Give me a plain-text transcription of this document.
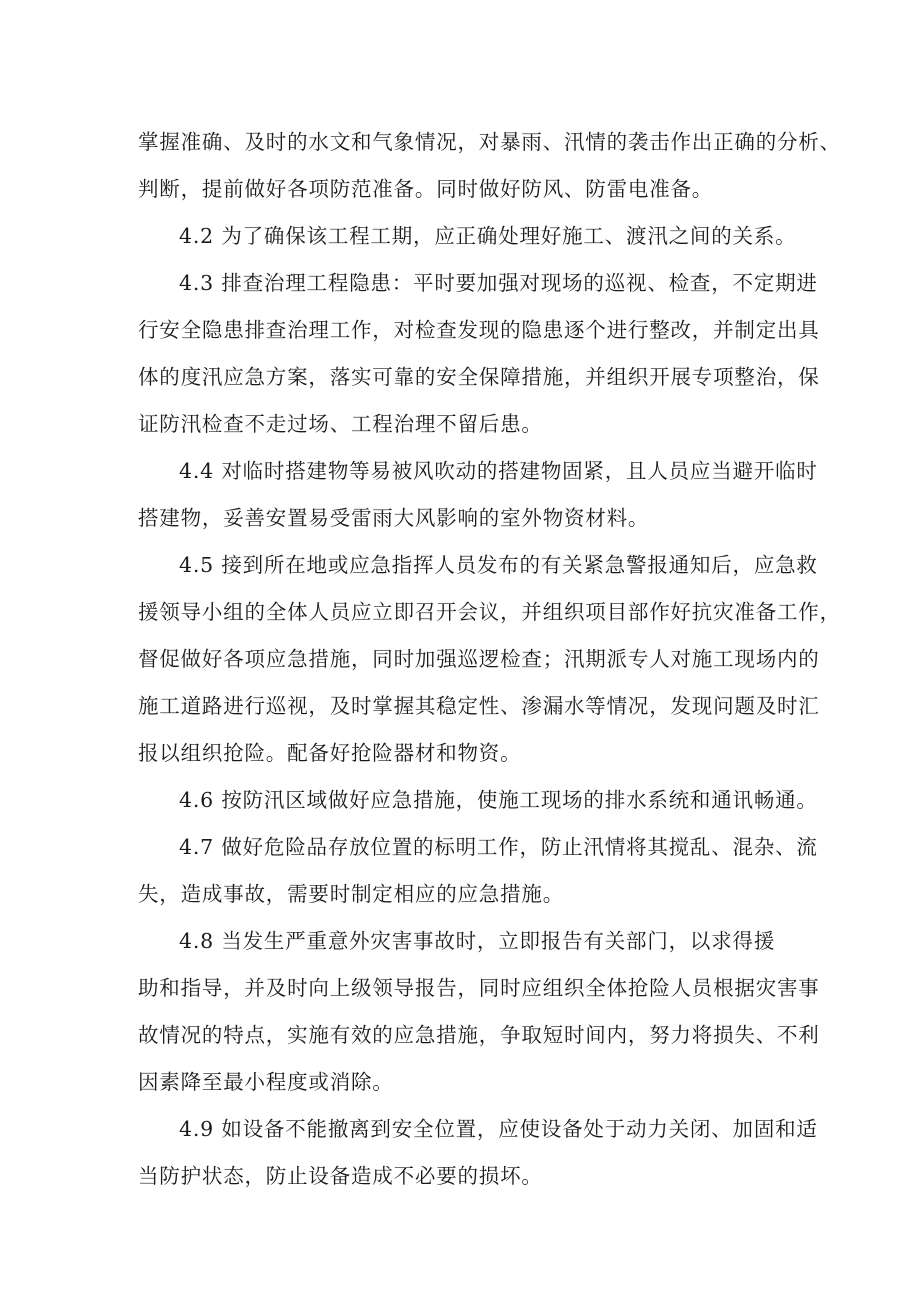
掌握准确、及时的水文和气象情况，对暴雨、汛情的袭击作出正确的分析、
判断，提前做好各项防范准备。同时做好防风、防雷电准备。
4.2 为了确保该工程工期，应正确处理好施工、渡汛之间的关系。
4.3 排查治理工程隐患：平时要加强对现场的巡视、检查，不定期进
行安全隐患排查治理工作，对检查发现的隐患逐个进行整改，并制定出具
体的度汛应急方案，落实可靠的安全保障措施，并组织开展专项整治，保
证防汛检查不走过场、工程治理不留后患。
4.4 对临时搭建物等易被风吹动的搭建物固紧，且人员应当避开临时
搭建物，妥善安置易受雷雨大风影响的室外物资材料。
4.5 接到所在地或应急指挥人员发布的有关紧急警报通知后，应急救
援领导小组的全体人员应立即召开会议，并组织项目部作好抗灾准备工作，
督促做好各项应急措施，同时加强巡逻检查；汛期派专人对施工现场内的
施工道路进行巡视，及时掌握其稳定性、渗漏水等情况，发现问题及时汇
报以组织抢险。配备好抢险器材和物资。
4.6 按防汛区域做好应急措施，使施工现场的排水系统和通讯畅通。
4.7 做好危险品存放位置的标明工作，防止汛情将其搅乱、混杂、流
失，造成事故，需要时制定相应的应急措施。
4.8 当发生严重意外灾害事故时，立即报告有关部门，以求得援
助和指导，并及时向上级领导报告，同时应组织全体抢险人员根据灾害事
故情况的特点，实施有效的应急措施，争取短时间内，努力将损失、不利
因素降至最小程度或消除。
4.9 如设备不能撤离到安全位置，应使设备处于动力关闭、加固和适
当防护状态，防止设备造成不必要的损坏。
